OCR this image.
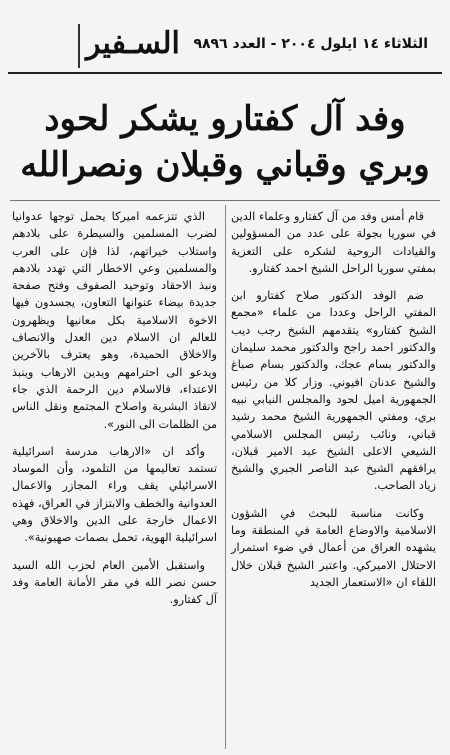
السـفير الثلاثاء ١٤ ايلول ٢٠٠٤ - العدد ٩٨٩٦
وفد آل كفتارو يشكر لحود
وبري وقباني وقبلان ونصرالله

قام أمس وفد من آل كفتارو وعلماء الدين في سوريا بجولة على عدد من المسؤولين والقيادات الروحية لشكره على التعزية بمفتي سوريا الراحل الشيخ احمد كفتارو.

ضم الوفد الدكتور صلاح كفتارو ابن المفتي الراحل وعددا من علماء «مجمع الشيخ كفتارو» يتقدمهم الشيخ رجب ديب والدكتور احمد راجح والدكتور محمد سليمان والدكتور بسام عجك، والدكتور بسام صباغ والشيخ عدنان افيوني. وزار كلا من رئيس الجمهورية اميل لحود والمجلس النيابي نبيه بري، ومفتي الجمهورية الشيخ محمد رشيد قباني، ونائب رئيس المجلس الاسلامي الشيعي الاعلى الشيخ عبد الامير قبلان، يرافقهم الشيخ عبد الناصر الجبري والشيخ زياد الصاحب.

وكانت مناسبة للبحث في الشؤون الاسلامية والاوضاع العامة في المنطقة وما يشهده العراق من أعمال في ضوء استمرار الاحتلال الاميركي. واعتبر الشيخ قبلان خلال اللقاء ان «الاستعمار الجديد

الذي تتزعمه اميركا يحمل توجها عدوانيا لضرب المسلمين والسيطرة على بلادهم واستلاب خيراتهم، لذا فإن على العرب والمسلمين وعي الاخطار التي تهدد بلادهم ونبذ الاحقاد وتوحيد الصفوف وفتح صفحة جديدة بيضاء عنوانها التعاون، يجسدون فيها الاخوة الاسلامية بكل معانيها ويظهرون للعالم ان الاسلام دين العدل والانصاف والاخلاق الحميدة، وهو يعترف بالآخرين ويدعو الى احترامهم ويدين الارهاب وينبذ الاعتداء، فالاسلام دين الرحمة الذي جاء لانقاذ البشرية واصلاح المجتمع ونقل الناس من الظلمات الى النور».

وأكد ان «الارهاب مدرسة اسرائيلية تستمد تعاليمها من التلمود، وأن الموساد الاسرائيلي يقف وراء المجازر والاعمال العدوانية والخطف والابتزاز في العراق، فهذه الاعمال خارجة على الدين والاخلاق وهي اسرائيلية الهوية، تحمل بصمات صهيونية».

واستقبل الأمين العام لحزب الله السيد حسن نصر الله في مقر الأمانة العامة وفد آل كفتارو.
